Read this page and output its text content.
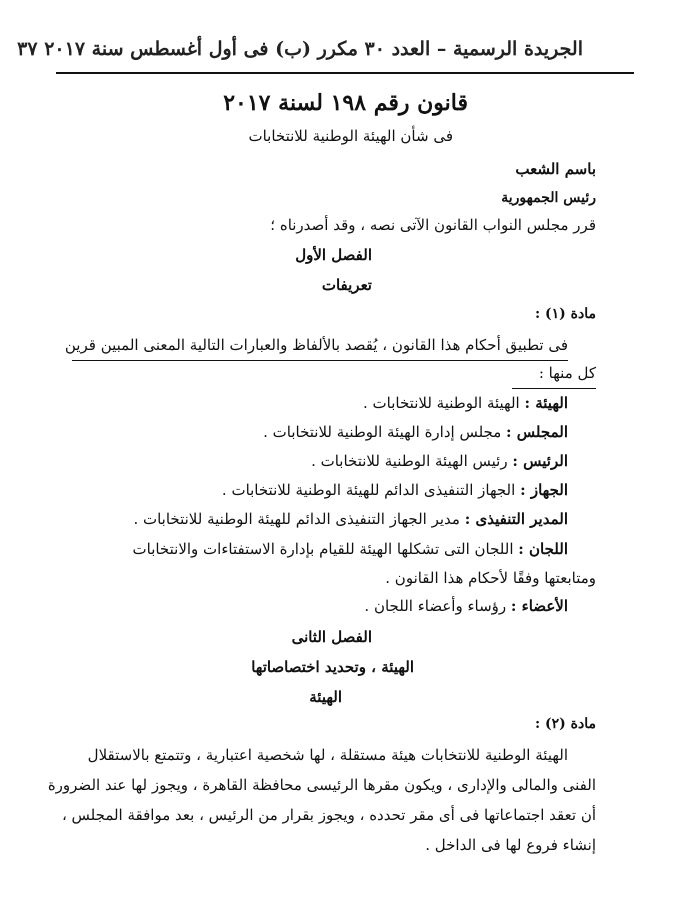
الجريدة الرسمية – العدد ٣٠ مكرر (ب) فى أول أغسطس سنة ٢٠١٧ ٣٧
قانون رقم ١٩٨ لسنة ٢٠١٧
فى شأن الهيئة الوطنية للانتخابات
باسم الشعب
رئيس الجمهورية
قرر مجلس النواب القانون الآتى نصه ، وقد أصدرناه ؛
الفصل الأول
تعريفات
مادة (١) :
فى تطبيق أحكام هذا القانون ، يُقصد بالألفاظ والعبارات التالية المعنى المبين قرين
كل منها :
الهيئة : الهيئة الوطنية للانتخابات .
المجلس : مجلس إدارة الهيئة الوطنية للانتخابات .
الرئيس : رئيس الهيئة الوطنية للانتخابات .
الجهاز : الجهاز التنفيذى الدائم للهيئة الوطنية للانتخابات .
المدير التنفيذى : مدير الجهاز التنفيذى الدائم للهيئة الوطنية للانتخابات .
اللجان : اللجان التى تشكلها الهيئة للقيام بإدارة الاستفتاءات والانتخابات
ومتابعتها وفقًا لأحكام هذا القانون .
الأعضاء : رؤساء وأعضاء اللجان .
الفصل الثانى
الهيئة ، وتحديد اختصاصاتها
الهيئة
مادة (٢) :
الهيئة الوطنية للانتخابات هيئة مستقلة ، لها شخصية اعتبارية ، وتتمتع بالاستقلال
الفنى والمالى والإدارى ، ويكون مقرها الرئيسى محافظة القاهرة ، ويجوز لها عند الضرورة
أن تعقد اجتماعاتها فى أى مقر تحدده ، ويجوز بقرار من الرئيس ، بعد موافقة المجلس ،
إنشاء فروع لها فى الداخل .
